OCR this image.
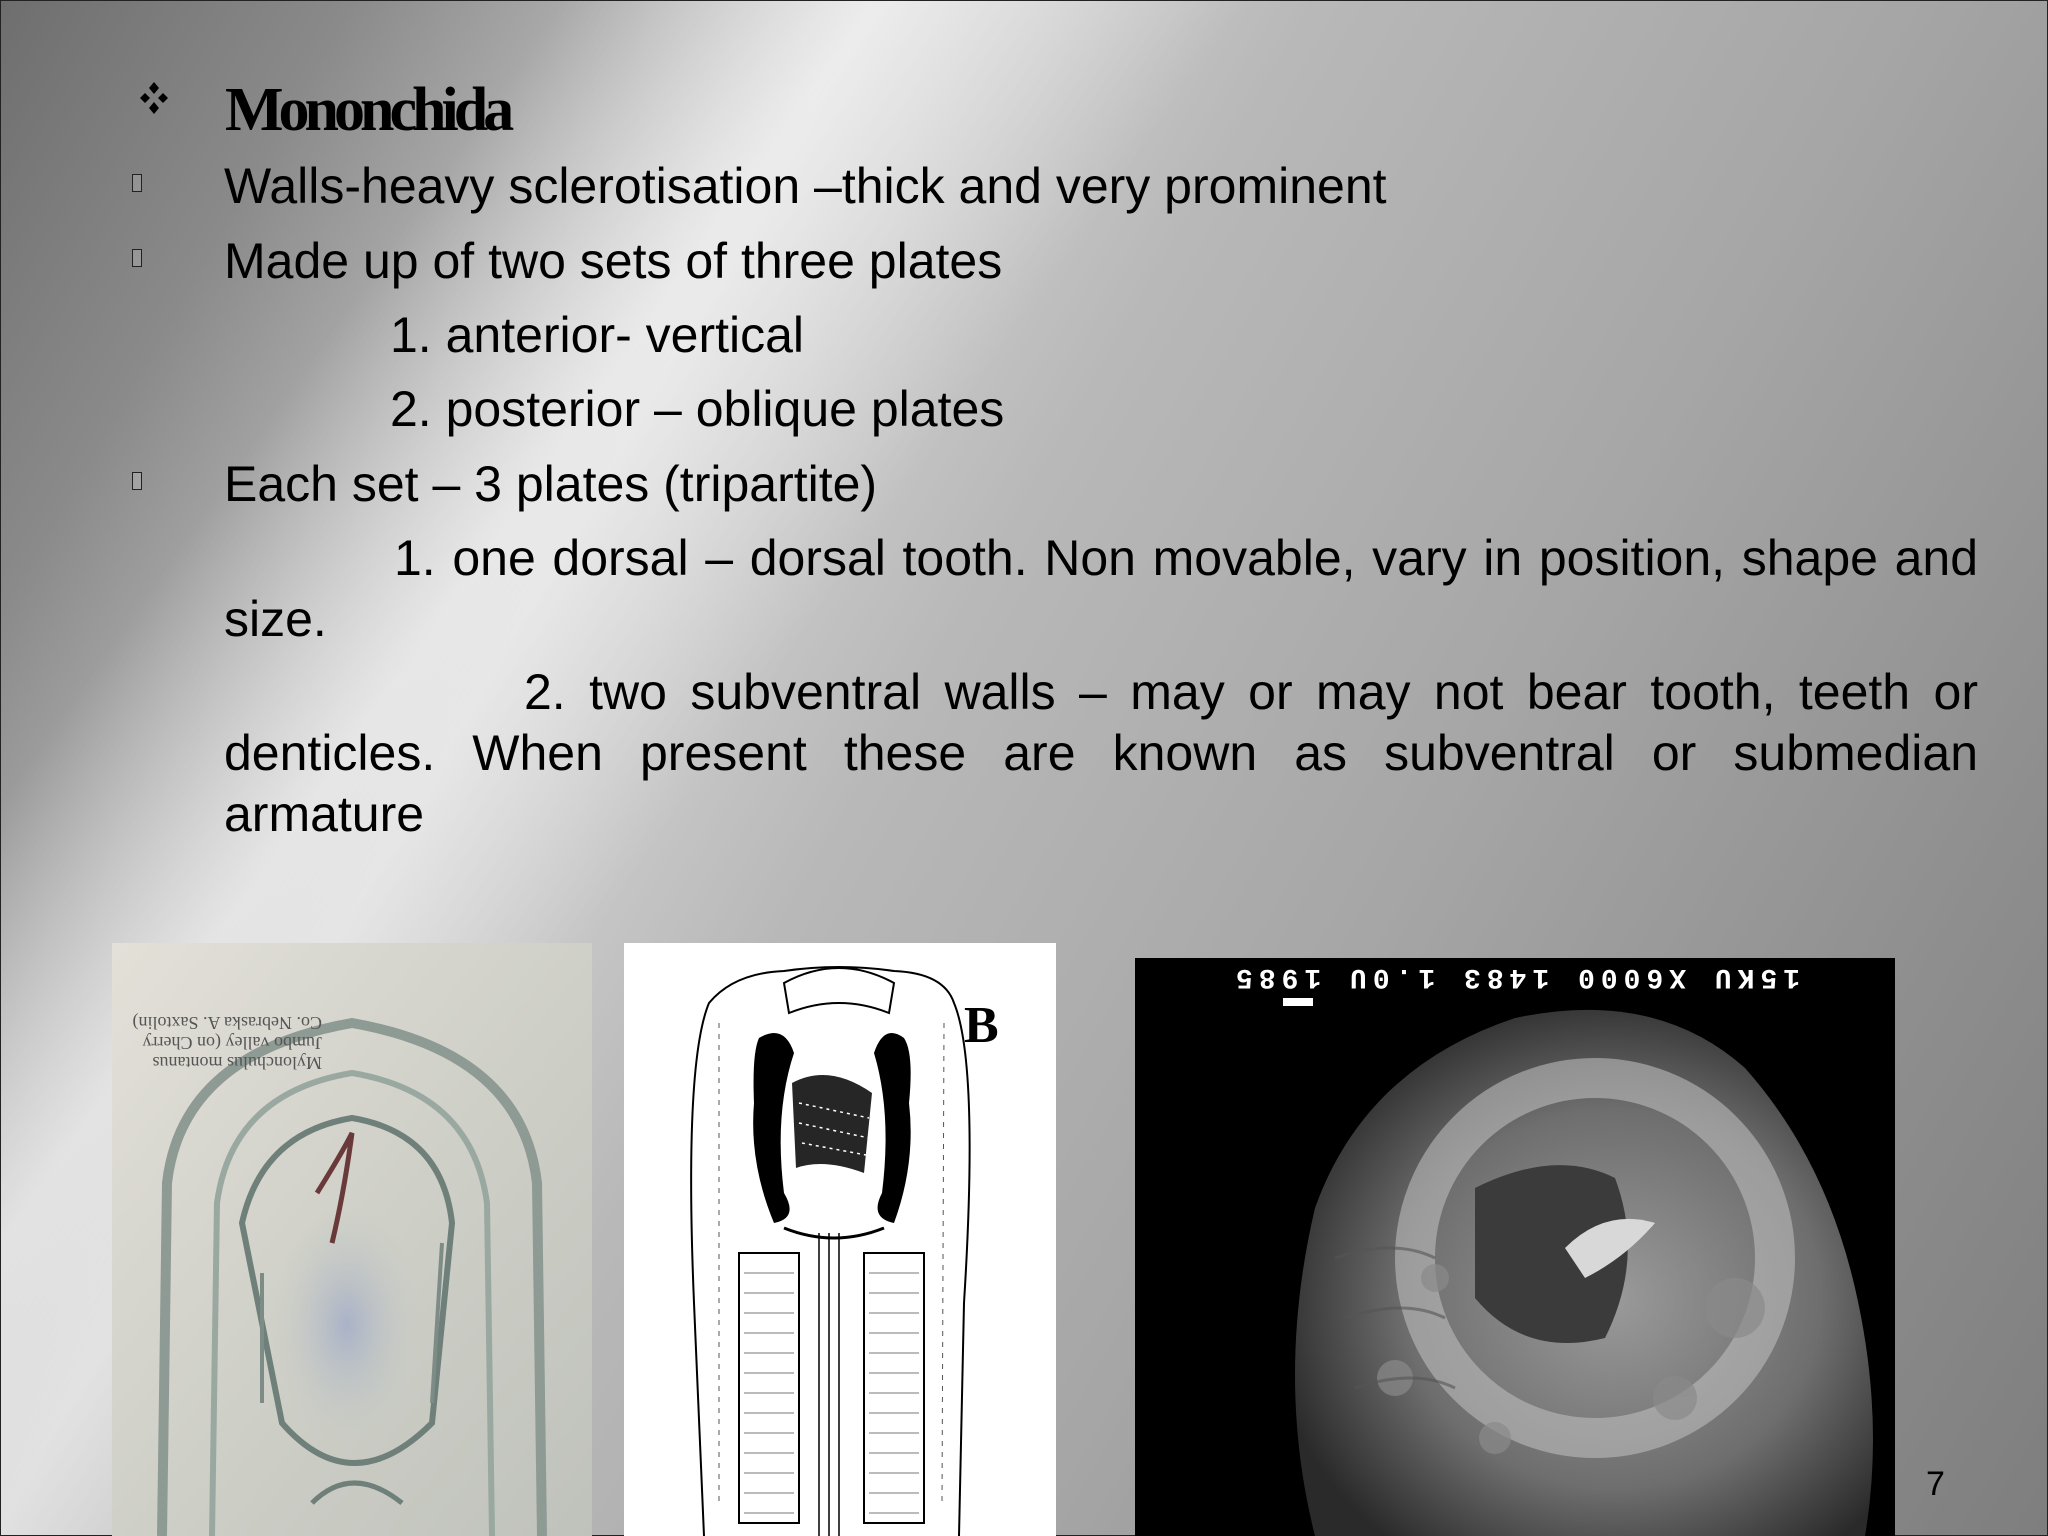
Mononchida
Walls-heavy sclerotisation –thick and very prominent
Made up of two sets of three plates
1. anterior- vertical
2. posterior – oblique plates
Each set – 3 plates (tripartite)
1. one dorsal – dorsal tooth. Non movable, vary in position, shape and size.
2. two subventral walls – may or may not bear tooth, teeth or denticles. When present these are known as subventral or submedian armature
Mylonchulus montanus Jumbo valley (on Cherry Co. Nebraska A. Saxtolin)	B
15KU X6000 1483 1.0U 1985
7
